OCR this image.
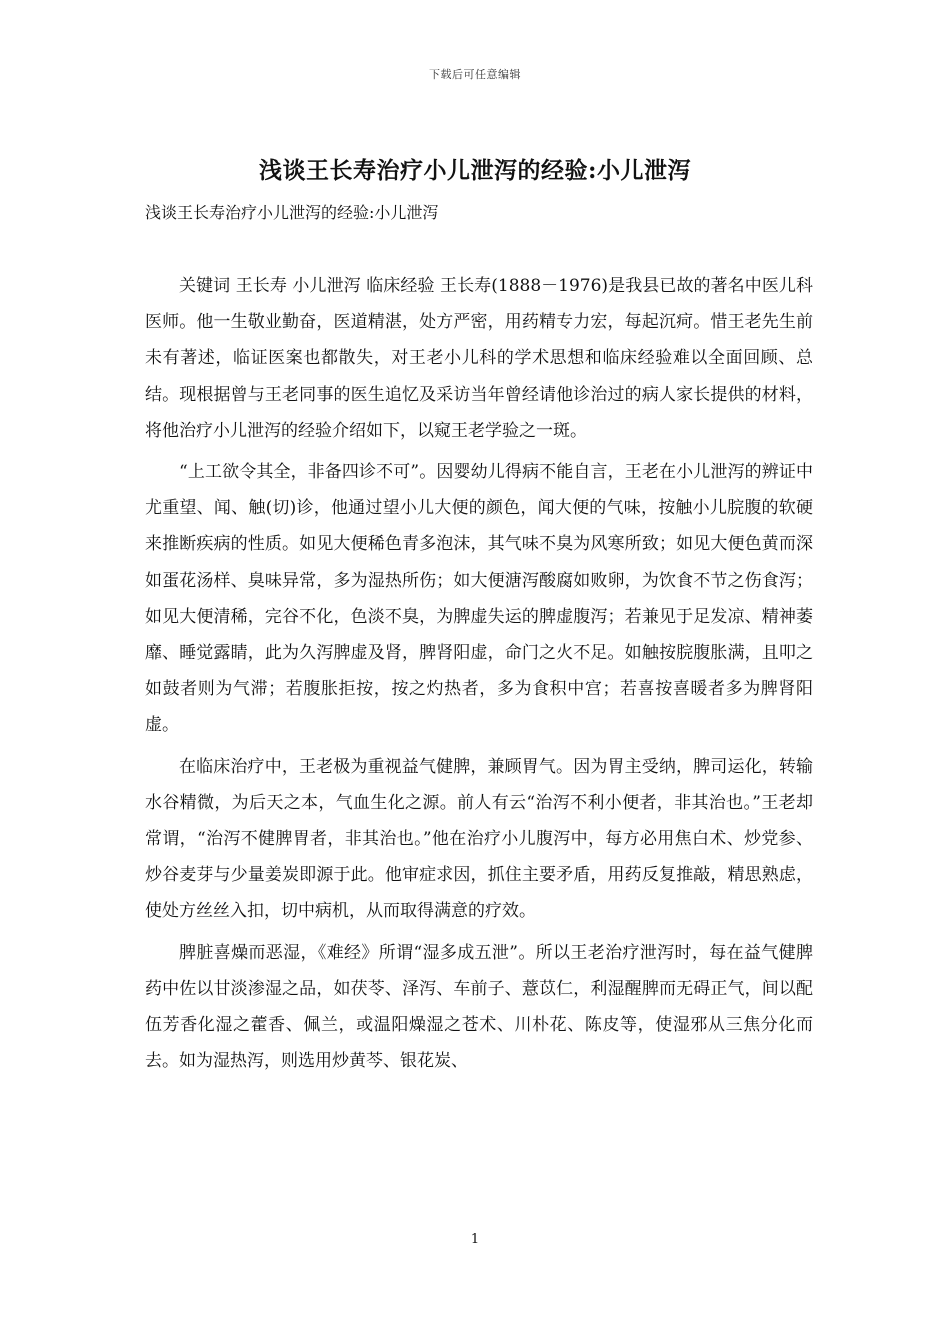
下载后可任意编辑
浅谈王长寿治疗小儿泄泻的经验:小儿泄泻
浅谈王长寿治疗小儿泄泻的经验:小儿泄泻

关键词 王长寿 小儿泄泻 临床经验 王长寿(1888－1976)是我县已故的著名中医儿科医师。他一生敬业勤奋，医道精湛，处方严密，用药精专力宏，每起沉疴。惜王老先生前未有著述，临证医案也都散失，对王老小儿科的学术思想和临床经验难以全面回顾、总结。现根据曾与王老同事的医生追忆及采访当年曾经请他诊治过的病人家长提供的材料，将他治疗小儿泄泻的经验介绍如下，以窥王老学验之一斑。

“上工欲令其全，非备四诊不可”。因婴幼儿得病不能自言，王老在小儿泄泻的辨证中尤重望、闻、触(切)诊，他通过望小儿大便的颜色，闻大便的气味，按触小儿脘腹的软硬来推断疾病的性质。如见大便稀色青多泡沫，其气味不臭为风寒所致；如见大便色黄而深如蛋花汤样、臭味异常，多为湿热所伤；如大便溏泻酸腐如败卵，为饮食不节之伤食泻；如见大便清稀，完谷不化，色淡不臭，为脾虚失运的脾虚腹泻；若兼见于足发凉、精神萎靡、睡觉露睛，此为久泻脾虚及肾，脾肾阳虚，命门之火不足。如触按脘腹胀满，且叩之如鼓者则为气滞；若腹胀拒按，按之灼热者，多为食积中宫；若喜按喜暖者多为脾肾阳虚。

在临床治疗中，王老极为重视益气健脾，兼顾胃气。因为胃主受纳，脾司运化，转输水谷精微，为后天之本，气血生化之源。前人有云“治泻不利小便者，非其治也。”王老却常谓，“治泻不健脾胃者，非其治也。”他在治疗小儿腹泻中，每方必用焦白术、炒党参、炒谷麦芽与少量姜炭即源于此。他审症求因，抓住主要矛盾，用药反复推敲，精思熟虑，使处方丝丝入扣，切中病机，从而取得满意的疗效。

脾脏喜燥而恶湿，《难经》所谓“湿多成五泄”。所以王老治疗泄泻时，每在益气健脾药中佐以甘淡渗湿之品，如茯苓、泽泻、车前子、薏苡仁，利湿醒脾而无碍正气，间以配伍芳香化湿之藿香、佩兰，或温阳燥湿之苍术、川朴花、陈皮等，使湿邪从三焦分化而去。如为湿热泻，则选用炒黄芩、银花炭、

1
